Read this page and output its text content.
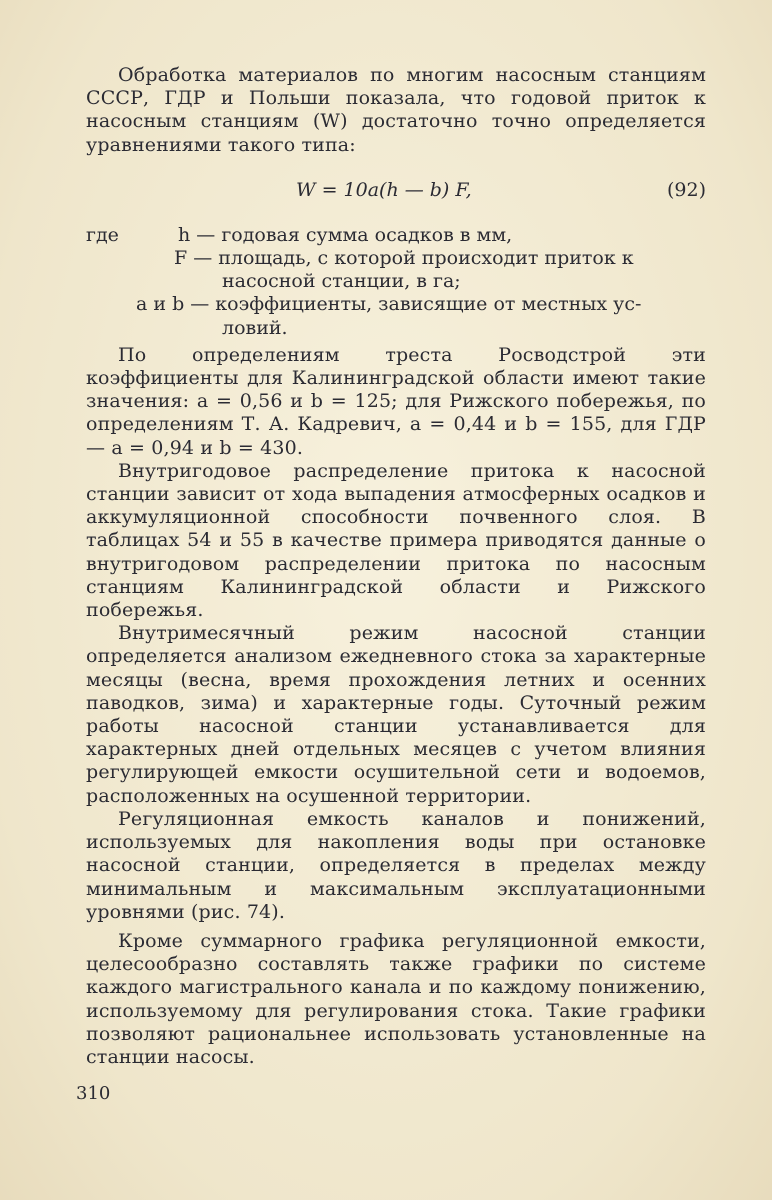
Обработка материалов по многим насосным станциям СССР, ГДР и Польши показала, что годовой приток к насосным станциям (W) достаточно точно определяется уравнениями такого типа:

W = 10a(h — b) F,	(92)
где	h — годовая сумма осадков в мм,
F — площадь, с которой происходит приток к
насосной станции, в га;
a и b — коэффициенты, зависящие от местных ус-
ловий.

По определениям треста Росводстрой эти коэффициенты для Калининградской области имеют такие значения: a = 0,56 и b = 125; для Рижского побережья, по определениям Т. А. Кадревич, a = 0,44 и b = 155, для ГДР — a = 0,94 и b = 430.

Внутригодовое распределение притока к насосной станции зависит от хода выпадения атмосферных осадков и аккумуляционной способности почвенного слоя. В таблицах 54 и 55 в качестве примера приводятся данные о внутригодовом распределении притока по насосным станциям Калининградской области и Рижского побережья.

Внутримесячный режим насосной станции определяется анализом ежедневного стока за характерные месяцы (весна, время прохождения летних и осенних паводков, зима) и характерные годы. Суточный режим работы насосной станции устанавливается для характерных дней отдельных месяцев с учетом влияния регулирующей емкости осушительной сети и водоемов, расположенных на осушенной территории.

Регуляционная емкость каналов и понижений, используемых для накопления воды при остановке насосной станции, определяется в пределах между минимальным и максимальным эксплуатационными уровнями (рис. 74).

Кроме суммарного графика регуляционной емкости, целесообразно составлять также графики по системе каждого магистрального канала и по каждому понижению, используемому для регулирования стока. Такие графики позволяют рациональнее использовать установленные на станции насосы.

310
